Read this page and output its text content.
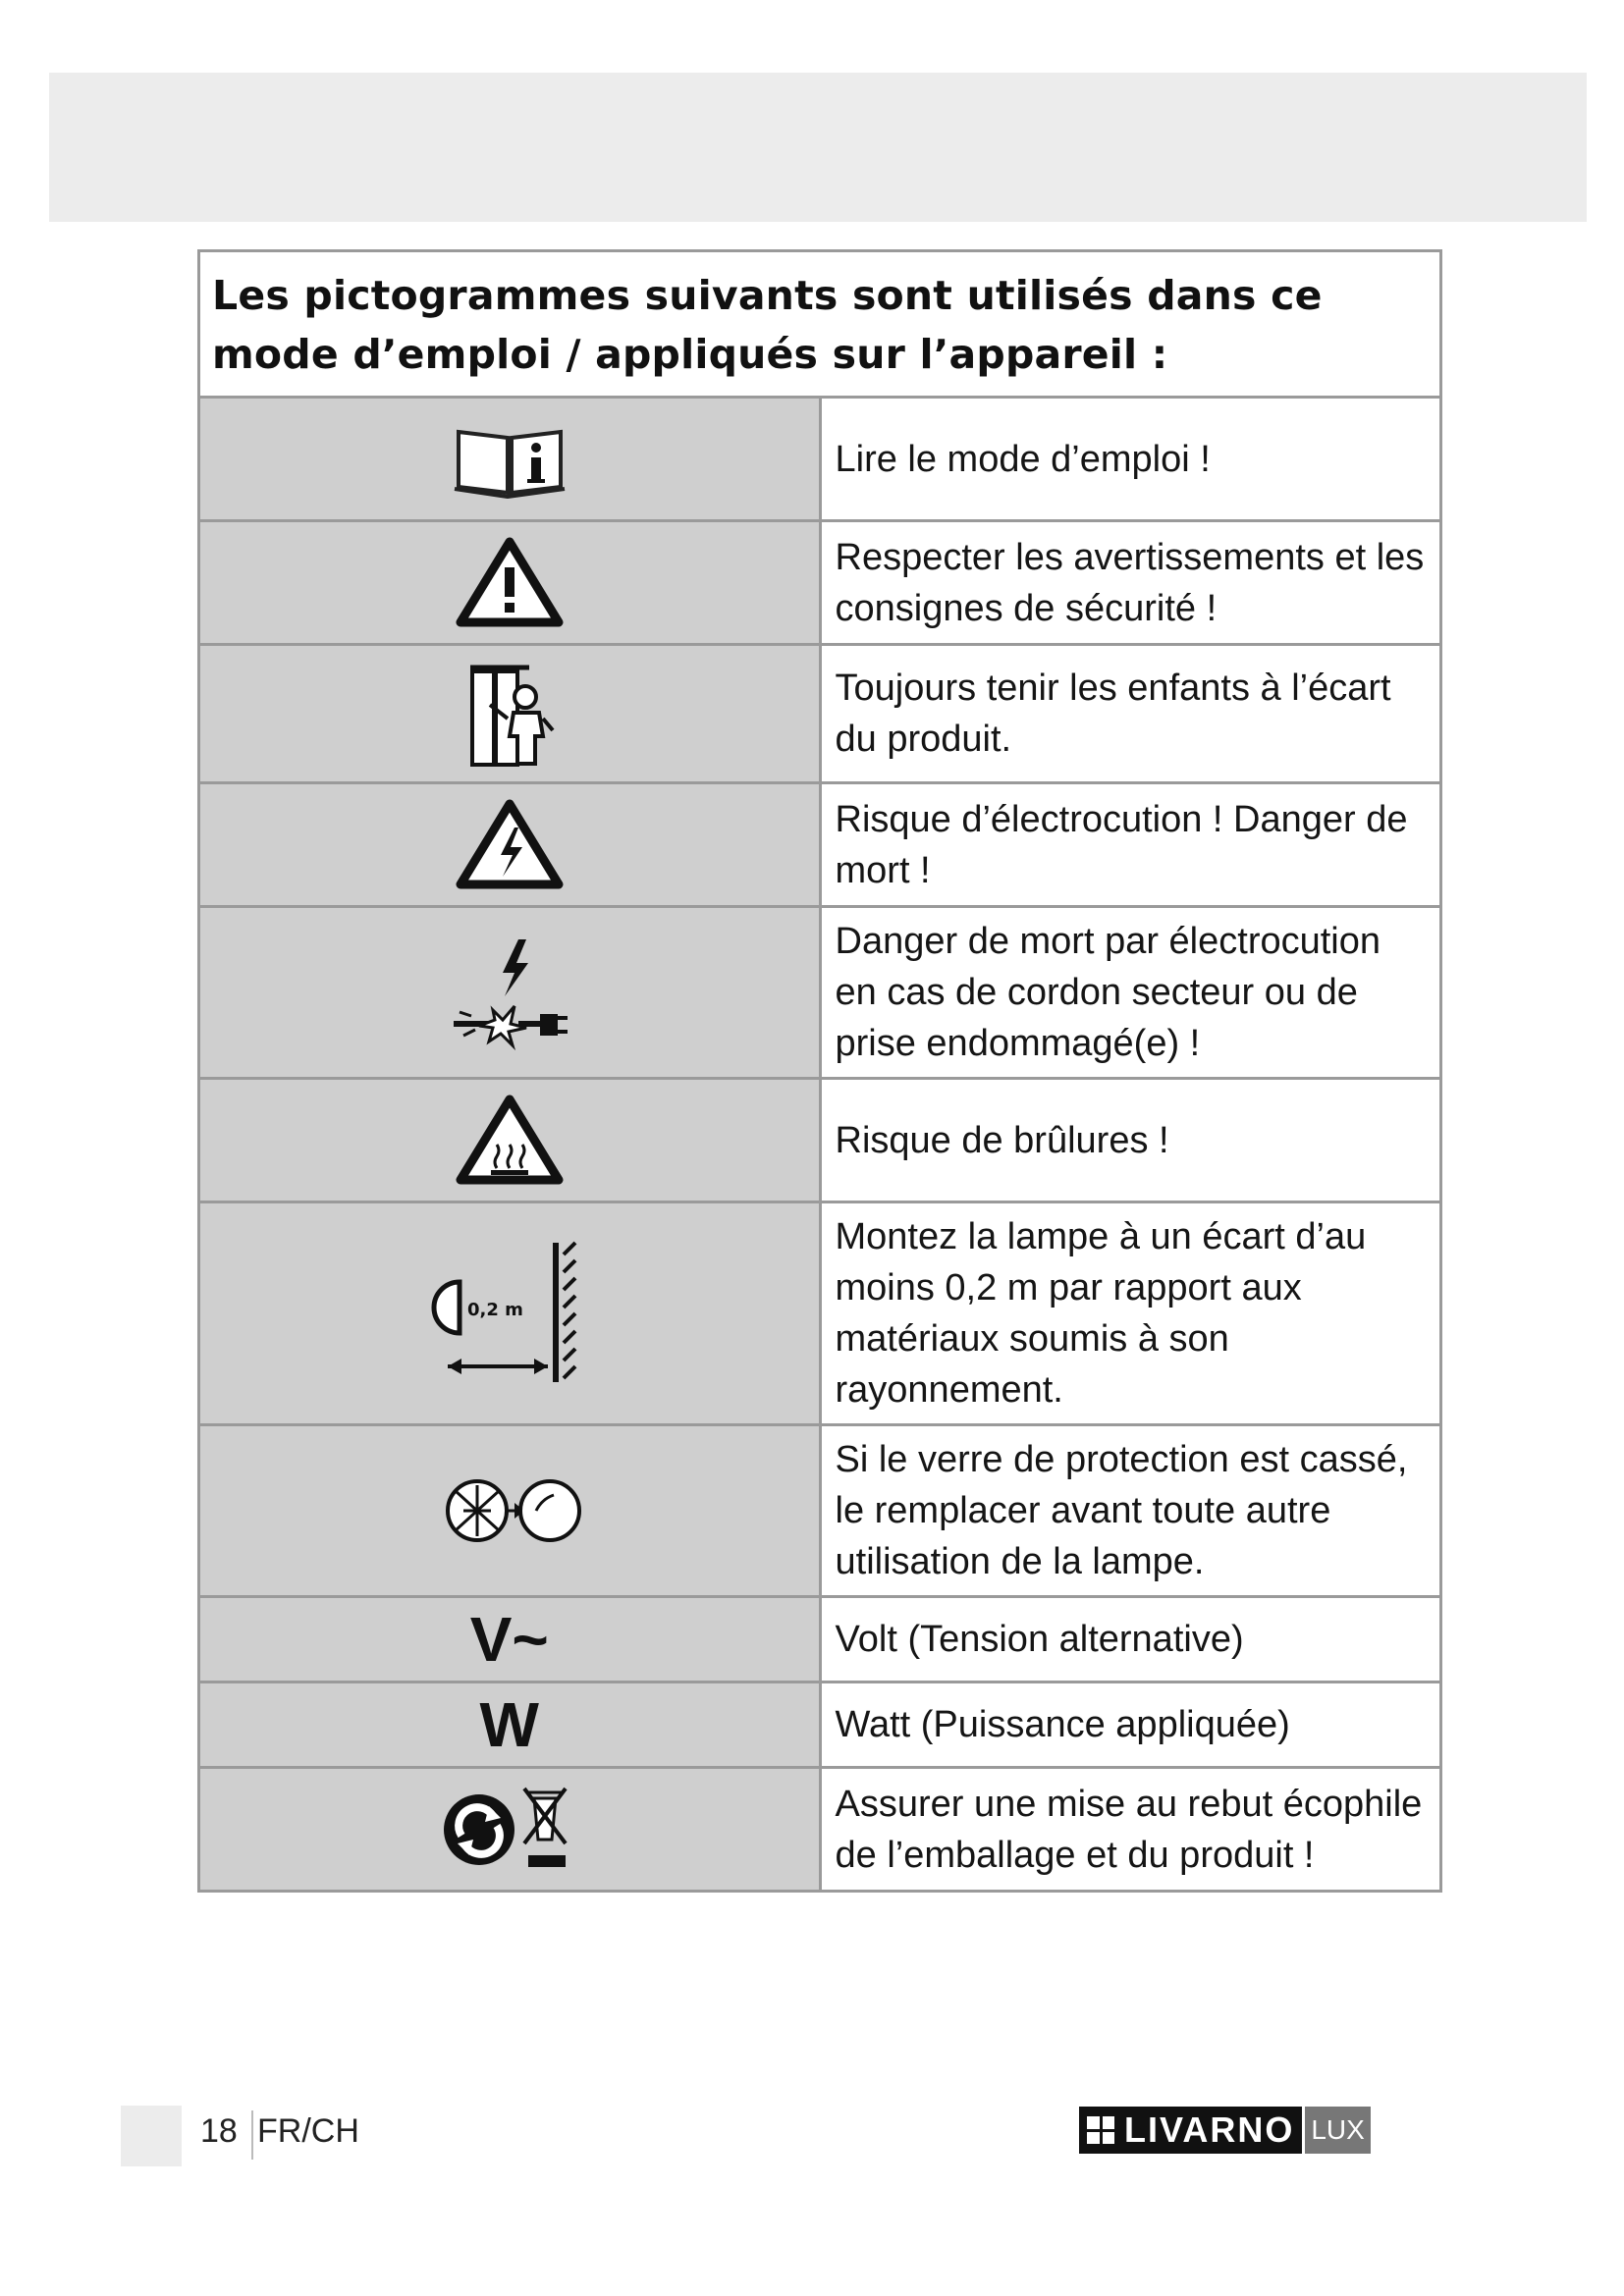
Les pictogrammes suivants sont utilisés dans ce mode d’emploi / appliqués sur l’appareil :	

	Lire le mode d’emploi !

	Respecter les avertissements et les consignes de sécurité !

	Toujours tenir les enfants à l’écart du produit.

	Risque d’électrocution ! Danger de mort !

	Danger de mort par électrocution en cas de cordon secteur ou de prise endommagé(e) !

	Risque de brûlures !

0,2 m	Montez la lampe à un écart d’au moins 0,2 m par rapport aux matériaux soumis à son rayonnement.

	Si le verre de protection est cassé, le remplacer avant toute autre utilisation de la lampe.
V~	Volt (Tension alternative)
W	Watt (Puissance appliquée)

	Assurer une mise au rebut écophile de l’emballage et du produit !
18 FR/CH	LIVARNO LUX
